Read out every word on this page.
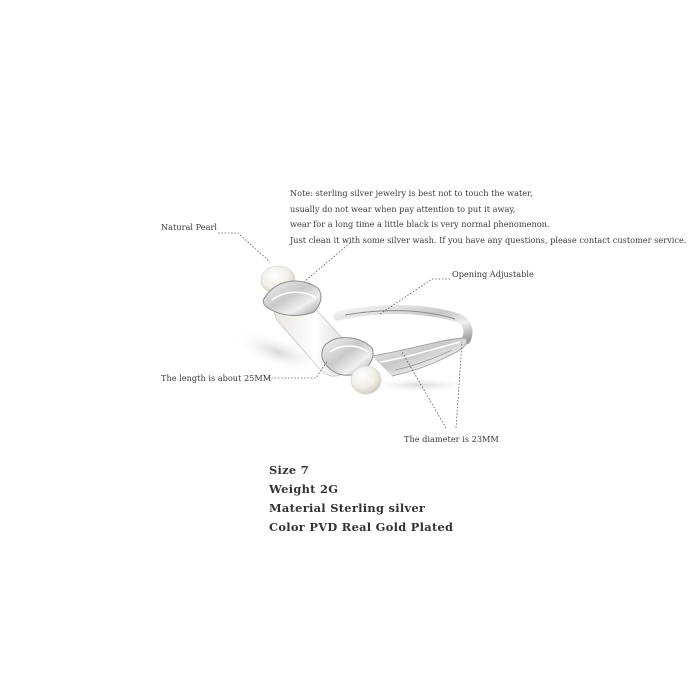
Note: sterling silver jewelry is best not to touch the water,
usually do not wear when pay attention to put it away,
wear for a long time a little black is very normal phenomenon.
Just clean it with some silver wash. If you have any questions, please contact customer service.
Natural Pearl
Opening Adjustable
The length is about 25MM
The diameter is 23MM
Size 7
Weight 2G
Material Sterling silver
Color PVD Real Gold Plated
